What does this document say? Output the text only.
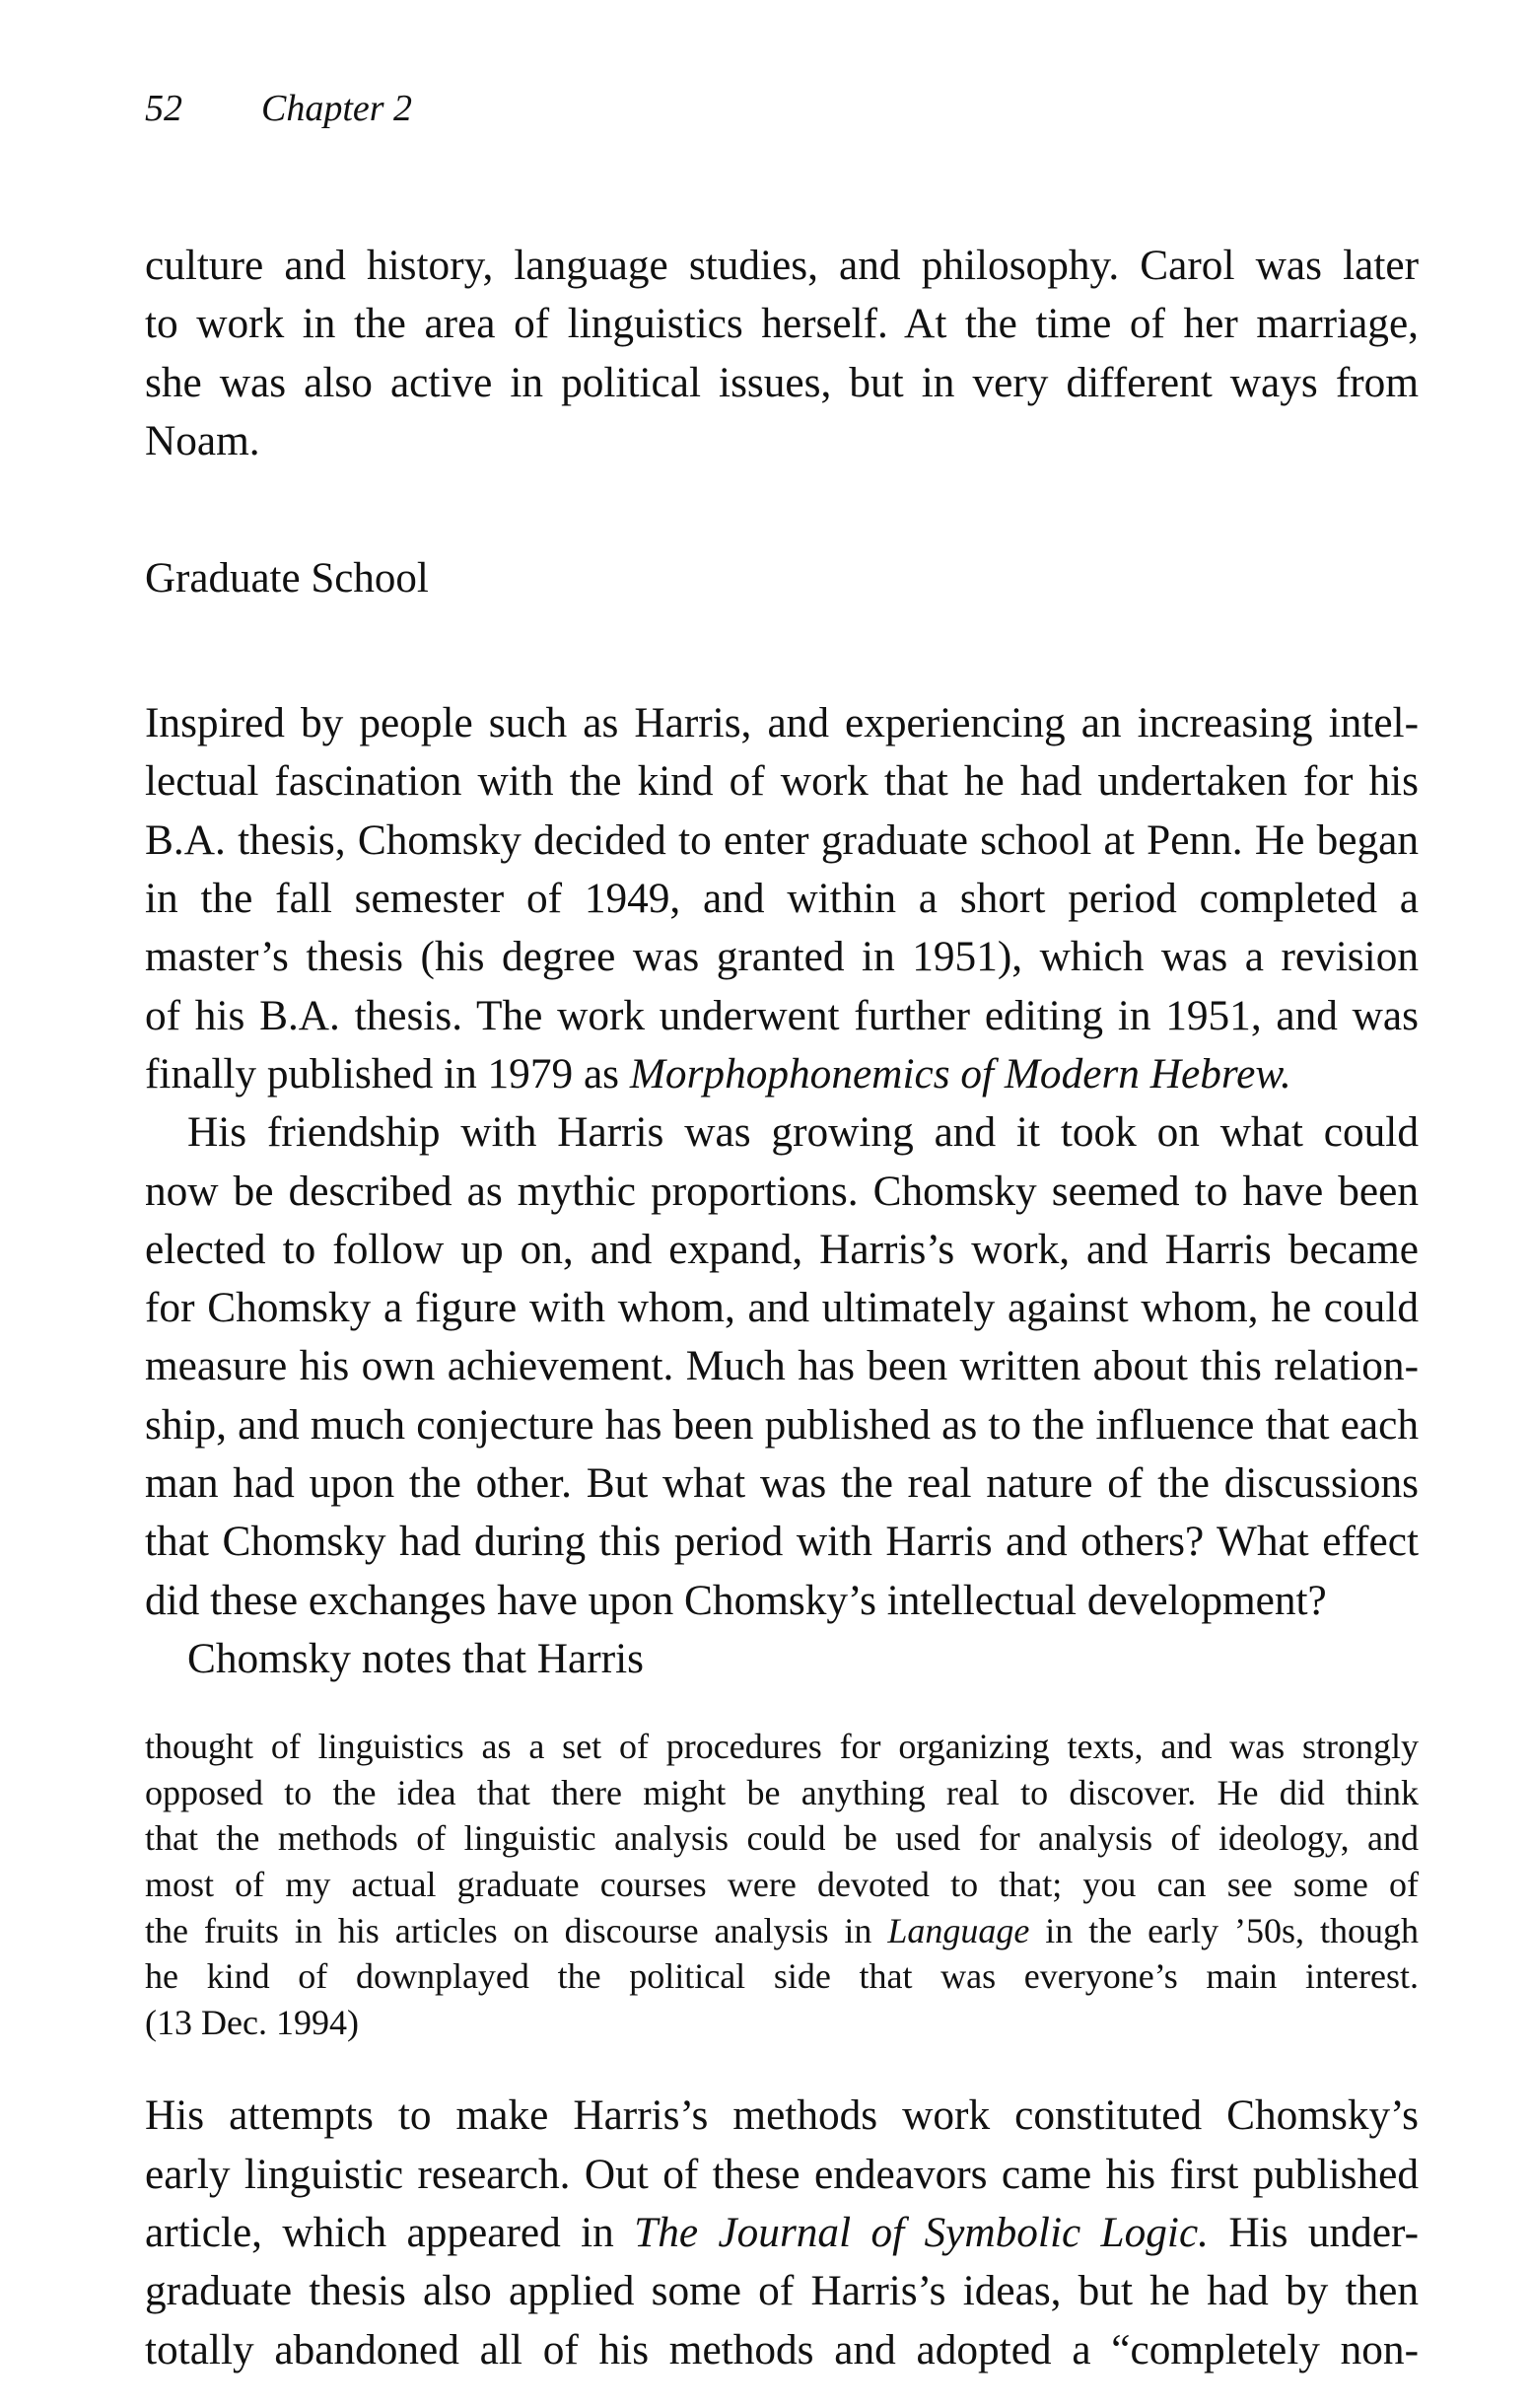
52 Chapter 2
culture and history, language studies, and philosophy. Carol was later
to work in the area of linguistics herself. At the time of her marriage,
she was also active in political issues, but in very different ways from
Noam.
Graduate School
Inspired by people such as Harris, and experiencing an increasing intel-
lectual fascination with the kind of work that he had undertaken for his
B.A. thesis, Chomsky decided to enter graduate school at Penn. He began
in the fall semester of 1949, and within a short period completed a
master’s thesis (his degree was granted in 1951), which was a revision
of his B.A. thesis. The work underwent further editing in 1951, and was
finally published in 1979 as Morphophonemics of Modern Hebrew.
His friendship with Harris was growing and it took on what could
now be described as mythic proportions. Chomsky seemed to have been
elected to follow up on, and expand, Harris’s work, and Harris became
for Chomsky a figure with whom, and ultimately against whom, he could
measure his own achievement. Much has been written about this relation-
ship, and much conjecture has been published as to the influence that each
man had upon the other. But what was the real nature of the discussions
that Chomsky had during this period with Harris and others? What effect
did these exchanges have upon Chomsky’s intellectual development?
Chomsky notes that Harris
thought of linguistics as a set of procedures for organizing texts, and was strongly
opposed to the idea that there might be anything real to discover. He did think
that the methods of linguistic analysis could be used for analysis of ideology, and
most of my actual graduate courses were devoted to that; you can see some of
the fruits in his articles on discourse analysis in Language in the early ’50s, though
he kind of downplayed the political side that was everyone’s main interest.
(13 Dec. 1994)
His attempts to make Harris’s methods work constituted Chomsky’s
early linguistic research. Out of these endeavors came his first published
article, which appeared in The Journal of Symbolic Logic. His under-
graduate thesis also applied some of Harris’s ideas, but he had by then
totally abandoned all of his methods and adopted a “completely non-
